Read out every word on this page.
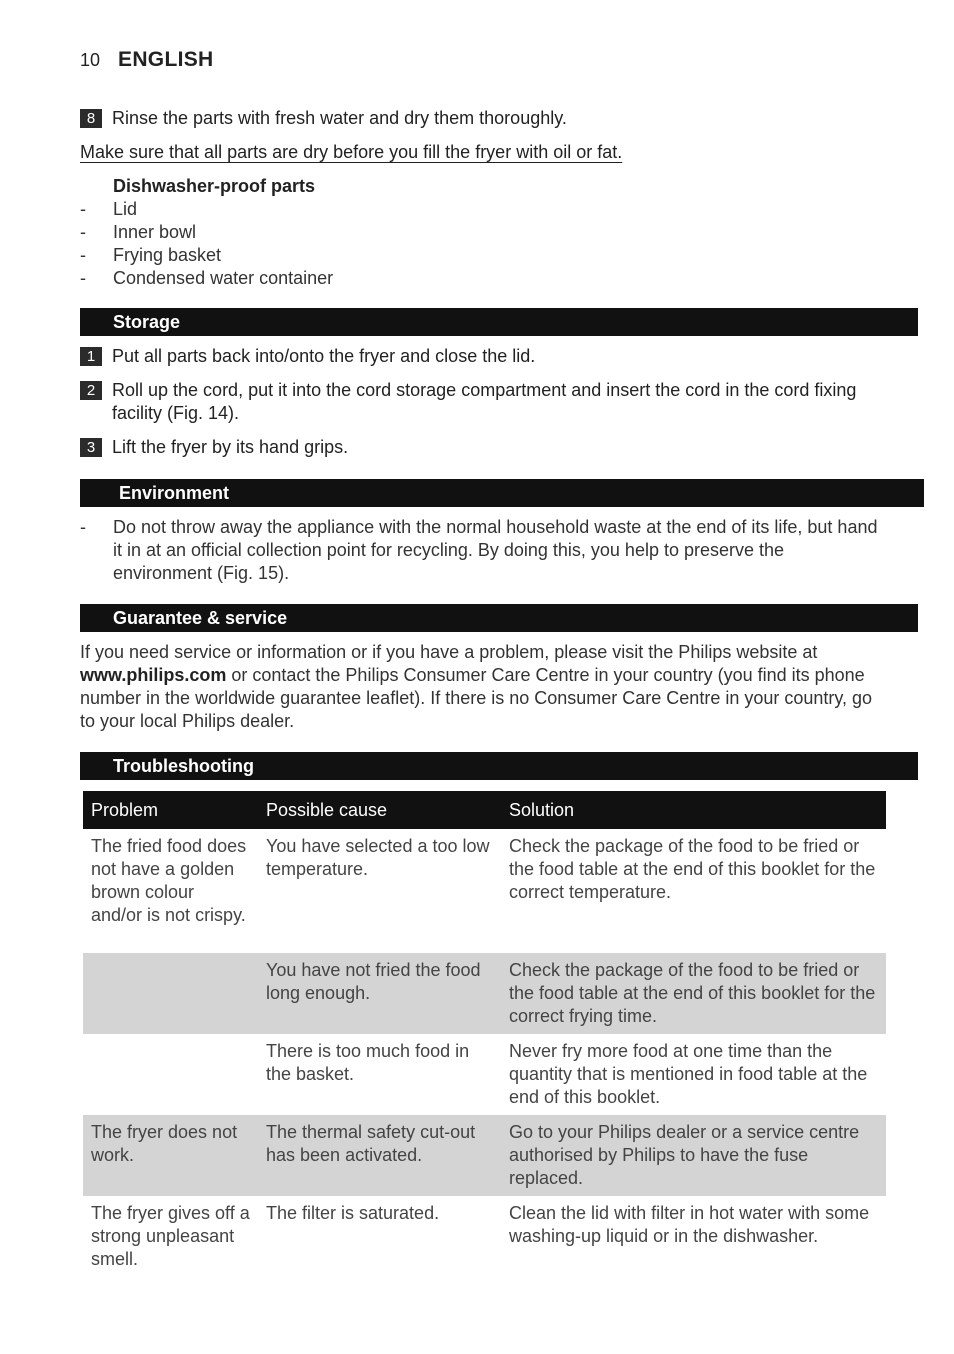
10 ENGLISH
8 Rinse the parts with fresh water and dry them thoroughly.
Make sure that all parts are dry before you fill the fryer with oil or fat.
Dishwasher-proof parts
-	Lid
-	Inner bowl
-	Frying basket
-	Condensed water container
Storage
1 Put all parts back into/onto the fryer and close the lid.
2 Roll up the cord, put it into the cord storage compartment and insert the cord in the cord fixing facility (Fig. 14).
3 Lift the fryer by its hand grips.
Environment
-	Do not throw away the appliance with the normal household waste at the end of its life, but hand it in at an official collection point for recycling. By doing this, you help to preserve the environment (Fig. 15).
Guarantee & service
If you need service or information or if you have a problem, please visit the Philips website at www.philips.com or contact the Philips Consumer Care Centre in your country (you find its phone number in the worldwide guarantee leaflet). If there is no Consumer Care Centre in your country, go to your local Philips dealer.
Troubleshooting
Problem	Possible cause	Solution
The fried food does not have a golden brown colour and/or is not crispy.	You have selected a too low temperature.	Check the package of the food to be fried or the food table at the end of this booklet for the correct temperature.
	You have not fried the food long enough.	Check the package of the food to be fried or the food table at the end of this booklet for the correct frying time.
	There is too much food in the basket.	Never fry more food at one time than the quantity that is mentioned in food table at the end of this booklet.
The fryer does not work.	The thermal safety cut-out has been activated.	Go to your Philips dealer or a service centre authorised by Philips to have the fuse replaced.
The fryer gives off a strong unpleasant smell.	The filter is saturated.	Clean the lid with filter in hot water with some washing-up liquid or in the dishwasher.
